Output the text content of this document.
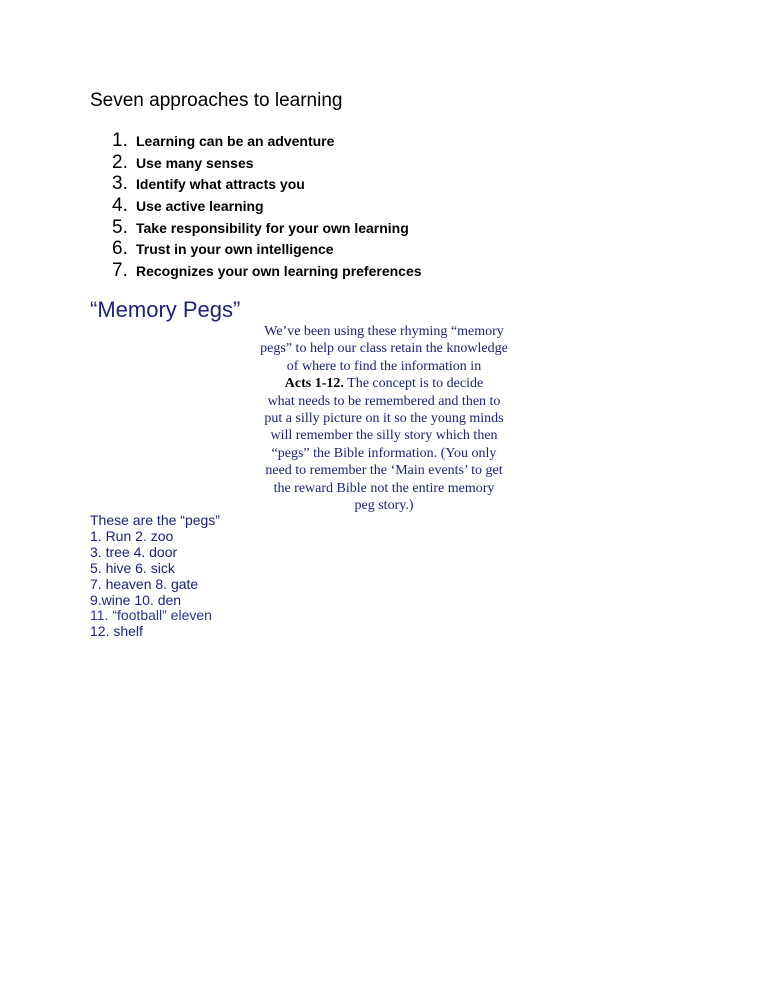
Seven approaches to learning
1. Learning can be an adventure
2. Use many senses
3. Identify what attracts you
4. Use active learning
5. Take responsibility for your own learning
6. Trust in your own intelligence
7. Recognizes your own learning preferences
“Memory Pegs”

We’ve been using these rhyming “memory
pegs” to help our class retain the knowledge
of where to find the information in
Acts 1-12. The concept is to decide
what needs to be remembered and then to
put a silly picture on it so the young minds
will remember the silly story which then
“pegs” the Bible information. (You only
need to remember the ‘Main events’ to get
the reward Bible not the entire memory
peg story.)

These are the “pegs”
1. Run 2. zoo
3. tree 4. door
5. hive 6. sick
7. heaven 8. gate
9.wine 10. den
11. “football” eleven
12. shelf
